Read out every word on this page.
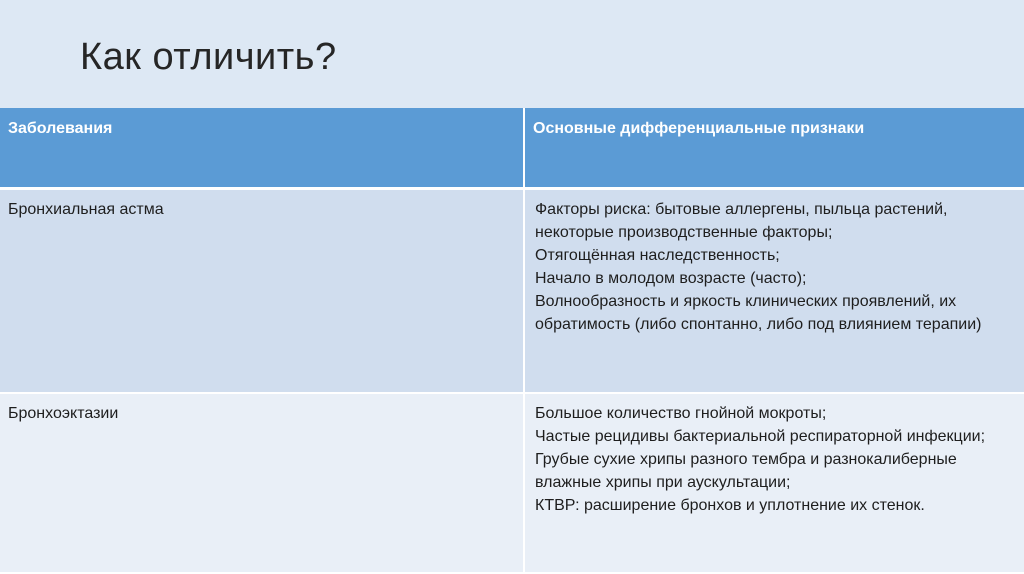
Как отличить?
Заболевания	Основные дифференциальные признаки
Бронхиальная астма	Факторы риска: бытовые аллергены, пыльца растений, некоторые производственные факторы;
Отягощённая наследственность;
Начало в молодом возрасте (часто);
Волнообразность и яркость клинических проявлений, их обратимость (либо спонтанно, либо под влиянием терапии)

Бронхоэктазии	Большое количество гнойной мокроты;
Частые рецидивы бактериальной респираторной инфекции;
Грубые сухие хрипы разного тембра и разнокалиберные влажные хрипы при аускультации;
КТВР: расширение бронхов и уплотнение их стенок.
